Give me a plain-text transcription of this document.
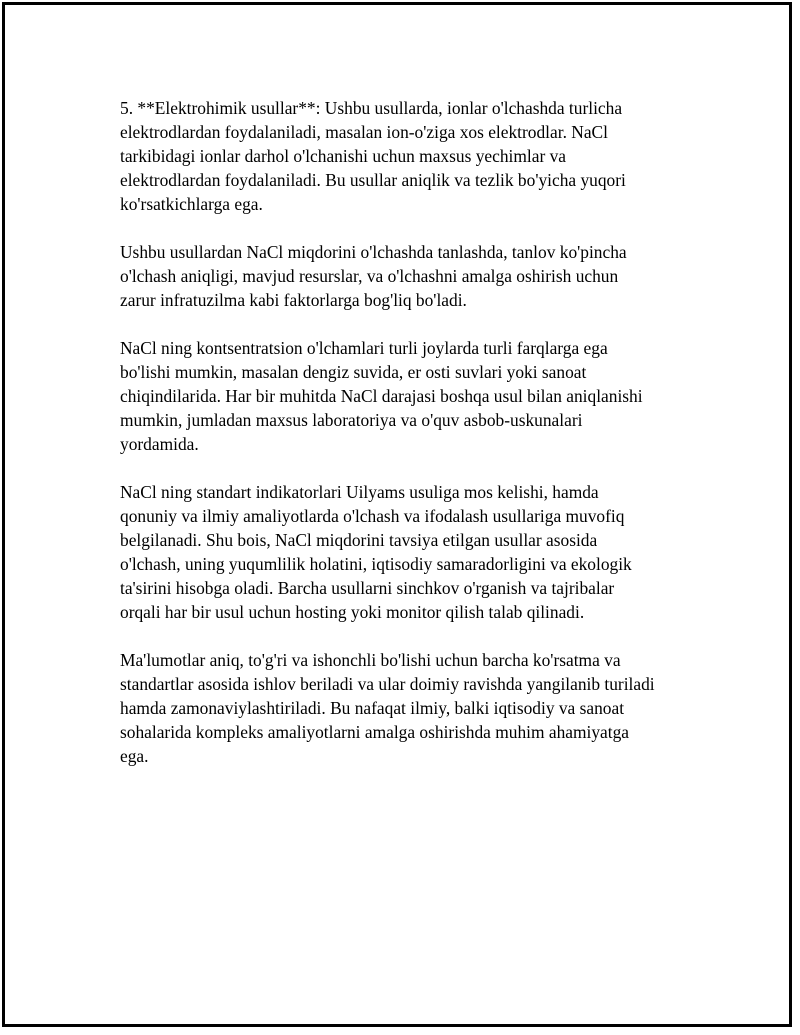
5. **Elektrohimik usullar**: Ushbu usullarda, ionlar o'lchashda turlicha
elektrodlardan foydalaniladi, masalan ion-o'ziga xos elektrodlar. NaCl
tarkibidagi ionlar darhol o'lchanishi uchun maxsus yechimlar va
elektrodlardan foydalaniladi. Bu usullar aniqlik va tezlik bo'yicha yuqori
ko'rsatkichlarga ega.

Ushbu usullardan NaCl miqdorini o'lchashda tanlashda, tanlov ko'pincha
o'lchash aniqligi, mavjud resurslar, va o'lchashni amalga oshirish uchun
zarur infratuzilma kabi faktorlarga bog'liq bo'ladi.

NaCl ning kontsentratsion o'lchamlari turli joylarda turli farqlarga ega
bo'lishi mumkin, masalan dengiz suvida, er osti suvlari yoki sanoat
chiqindilarida. Har bir muhitda NaCl darajasi boshqa usul bilan aniqlanishi
mumkin, jumladan maxsus laboratoriya va o'quv asbob-uskunalari
yordamida.

NaCl ning standart indikatorlari Uilyams usuliga mos kelishi, hamda
qonuniy va ilmiy amaliyotlarda o'lchash va ifodalash usullariga muvofiq
belgilanadi. Shu bois, NaCl miqdorini tavsiya etilgan usullar asosida
o'lchash, uning yuqumlilik holatini, iqtisodiy samaradorligini va ekologik
ta'sirini hisobga oladi. Barcha usullarni sinchkov o'rganish va tajribalar
orqali har bir usul uchun hosting yoki monitor qilish talab qilinadi.

Ma'lumotlar aniq, to'g'ri va ishonchli bo'lishi uchun barcha ko'rsatma va
standartlar asosida ishlov beriladi va ular doimiy ravishda yangilanib turiladi
hamda zamonaviylashtiriladi. Bu nafaqat ilmiy, balki iqtisodiy va sanoat
sohalarida kompleks amaliyotlarni amalga oshirishda muhim ahamiyatga
ega.
